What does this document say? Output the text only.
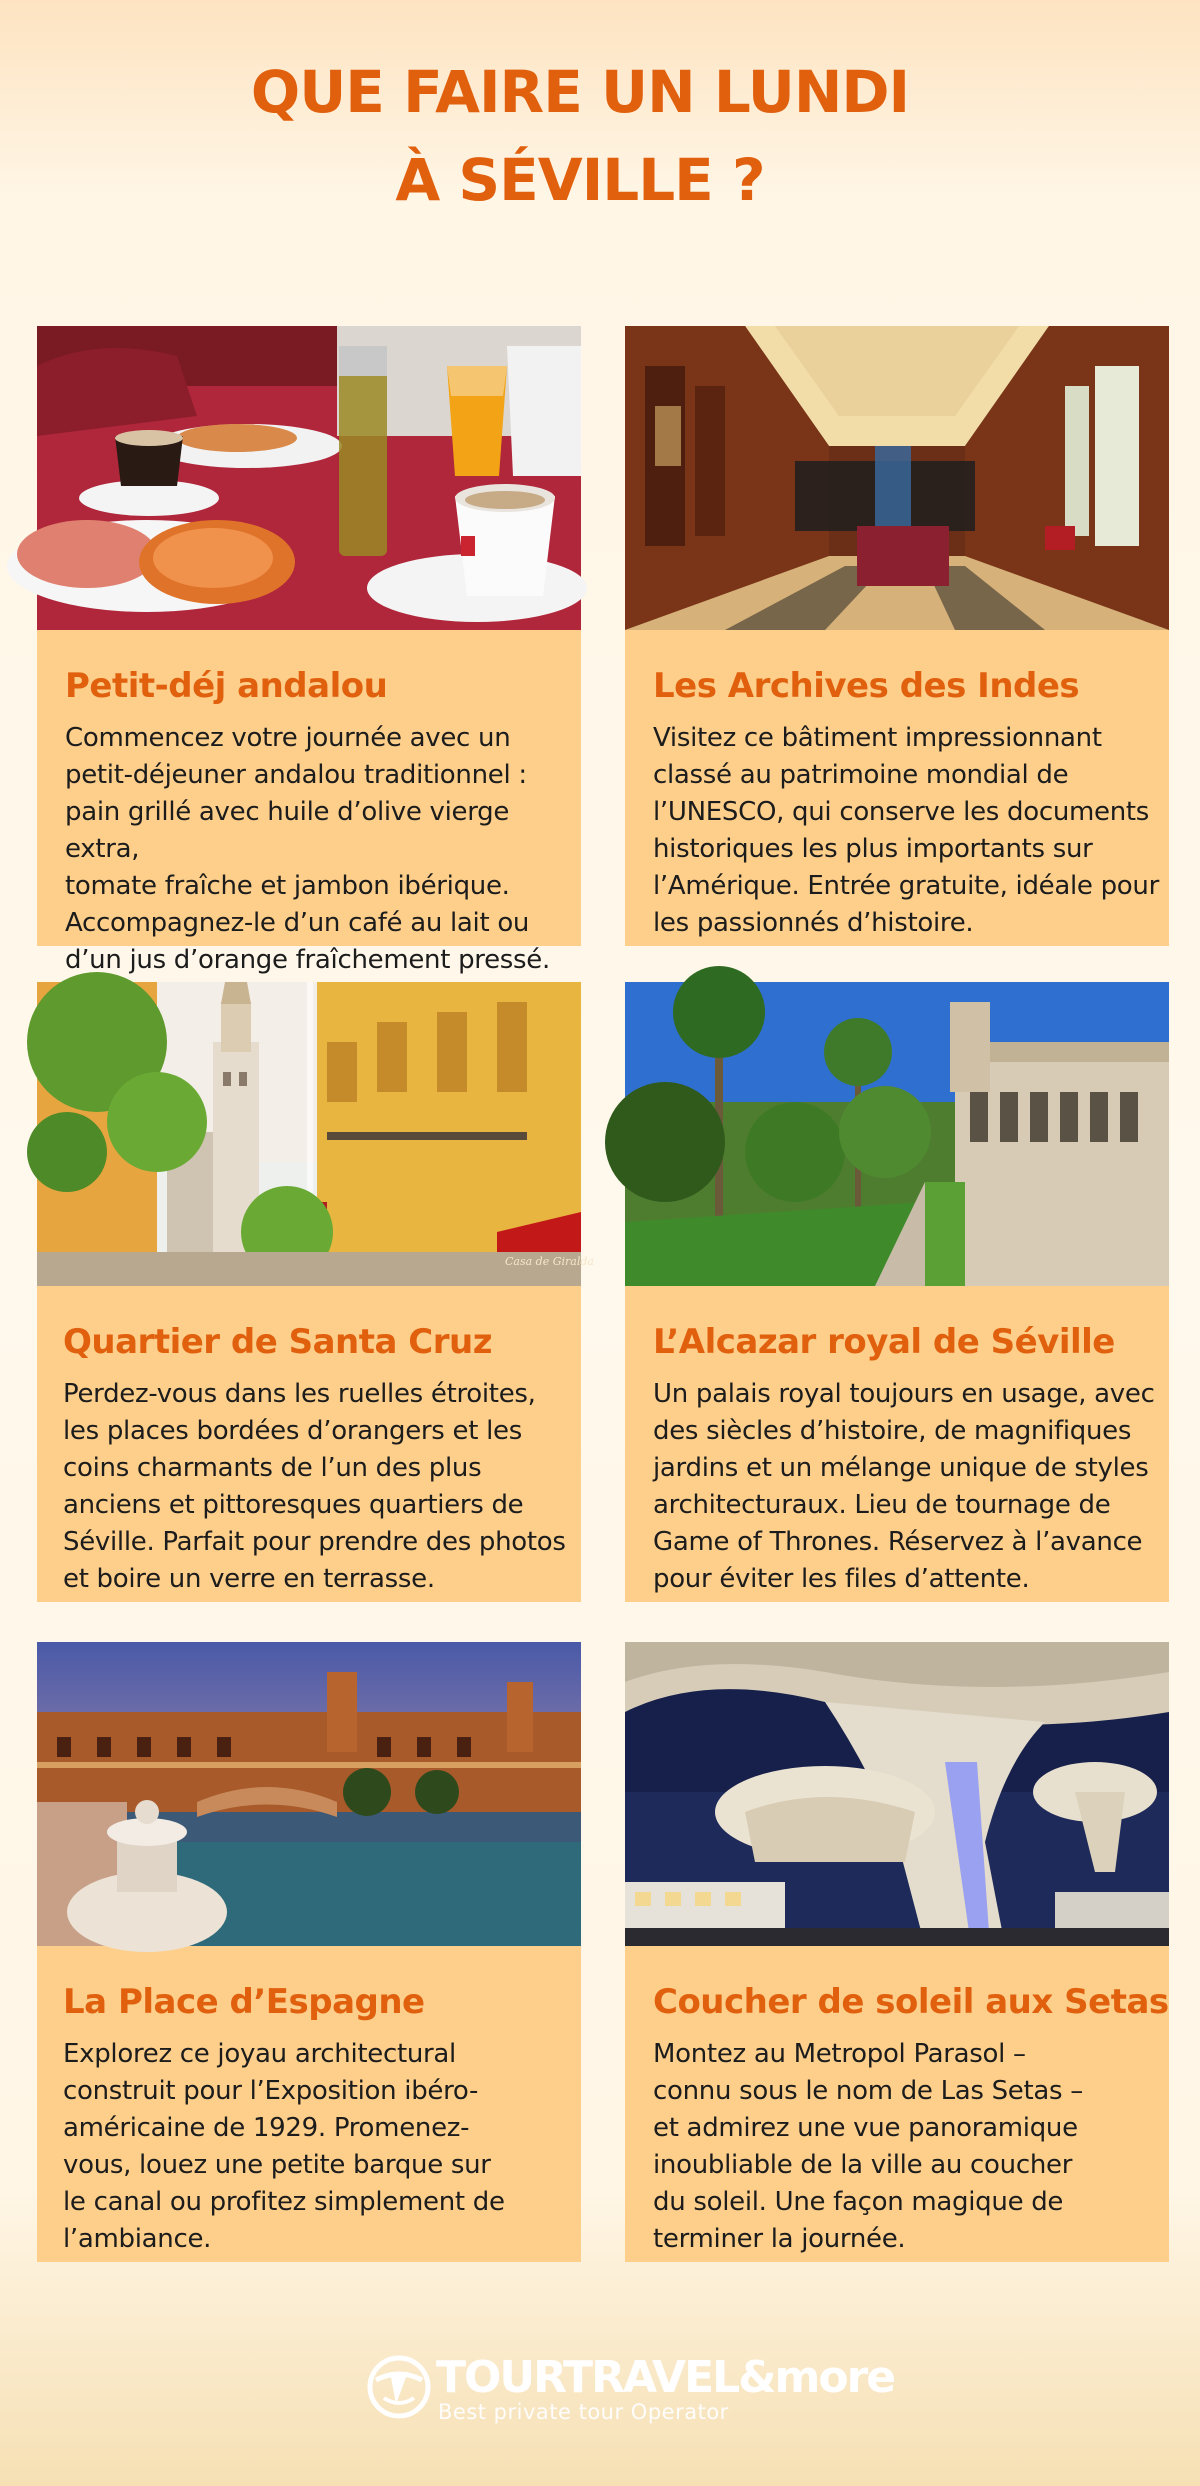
QUE FAIRE UN LUNDI
À SÉVILLE ?
Petit-déj andalou

Commencez votre journée avec un
petit-déjeuner andalou traditionnel :
pain grillé avec huile d’olive vierge extra,
tomate fraîche et jambon ibérique.
Accompagnez-le d’un café au lait ou
d’un jus d’orange fraîchement pressé.

Les Archives des Indes

Visitez ce bâtiment impressionnant
classé au patrimoine mondial de
l’UNESCO, qui conserve les documents
historiques les plus importants sur
l’Amérique. Entrée gratuite, idéale pour
les passionnés d’histoire.

Casa de Giralda
Quartier de Santa Cruz

Perdez-vous dans les ruelles étroites,
les places bordées d’orangers et les
coins charmants de l’un des plus
anciens et pittoresques quartiers de
Séville. Parfait pour prendre des photos
et boire un verre en terrasse.

L’Alcazar royal de Séville

Un palais royal toujours en usage, avec
des siècles d’histoire, de magnifiques
jardins et un mélange unique de styles
architecturaux. Lieu de tournage de
Game of Thrones. Réservez à l’avance
pour éviter les files d’attente.

La Place d’Espagne

Explorez ce joyau architectural
construit pour l’Exposition ibéro-
américaine de 1929. Promenez-
vous, louez une petite barque sur
le canal ou profitez simplement de
l’ambiance.

Coucher de soleil aux Setas

Montez au Metropol Parasol –
connu sous le nom de Las Setas –
et admirez une vue panoramique
inoubliable de la ville au coucher
du soleil. Une façon magique de
terminer la journée.

TOURTRAVEL&more
Best private tour Operator
